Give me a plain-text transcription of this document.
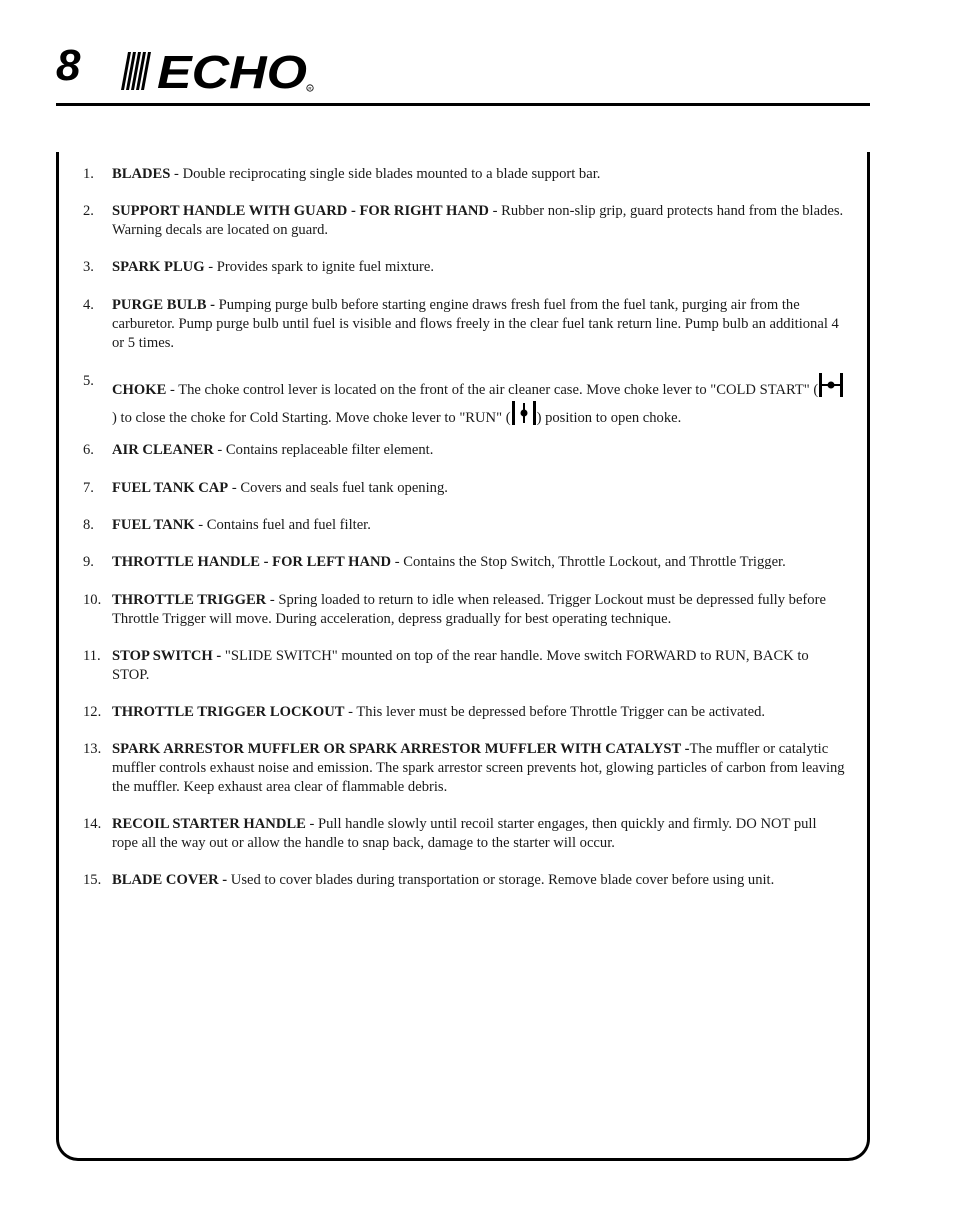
8 ECHO R
1. BLADES - Double reciprocating single side blades mounted to a blade support bar.
2. SUPPORT HANDLE WITH GUARD - FOR RIGHT HAND - Rubber non-slip grip, guard protects hand from the blades. Warning decals are located on guard.
3. SPARK PLUG - Provides spark to ignite fuel mixture.
4. PURGE BULB - Pumping purge bulb before starting engine draws fresh fuel from the fuel tank, purging air from the carburetor. Pump purge bulb until fuel is visible and flows freely in the clear fuel tank return line. Pump bulb an additional 4 or 5 times.
5.
CHOKE - The choke control lever is located on the front of the air cleaner case. Move choke lever to "COLD START" () to close the choke for Cold Starting. Move choke lever to "RUN" ( ) position to open choke.
6. AIR CLEANER - Contains replaceable filter element.
7. FUEL TANK CAP - Covers and seals fuel tank opening.
8. FUEL TANK - Contains fuel and fuel filter.
9. THROTTLE HANDLE - FOR LEFT HAND - Contains the Stop Switch, Throttle Lockout, and Throttle Trigger.
10. THROTTLE TRIGGER - Spring loaded to return to idle when released. Trigger Lockout must be depressed fully before Throttle Trigger will move. During acceleration, depress gradually for best operating technique.
11. STOP SWITCH - "SLIDE SWITCH" mounted on top of the rear handle. Move switch FORWARD to RUN, BACK to STOP.
12. THROTTLE TRIGGER LOCKOUT - This lever must be depressed before Throttle Trigger can be activated.
13. SPARK ARRESTOR MUFFLER OR SPARK ARRESTOR MUFFLER WITH CATALYST -The muffler or catalytic muffler controls exhaust noise and emission. The spark arrestor screen prevents hot, glowing particles of carbon from leaving the muffler. Keep exhaust area clear of flammable debris.
14. RECOIL STARTER HANDLE - Pull handle slowly until recoil starter engages, then quickly and firmly. DO NOT pull rope all the way out or allow the handle to snap back, damage to the starter will occur.
15. BLADE COVER - Used to cover blades during transportation or storage. Remove blade cover before using unit.
